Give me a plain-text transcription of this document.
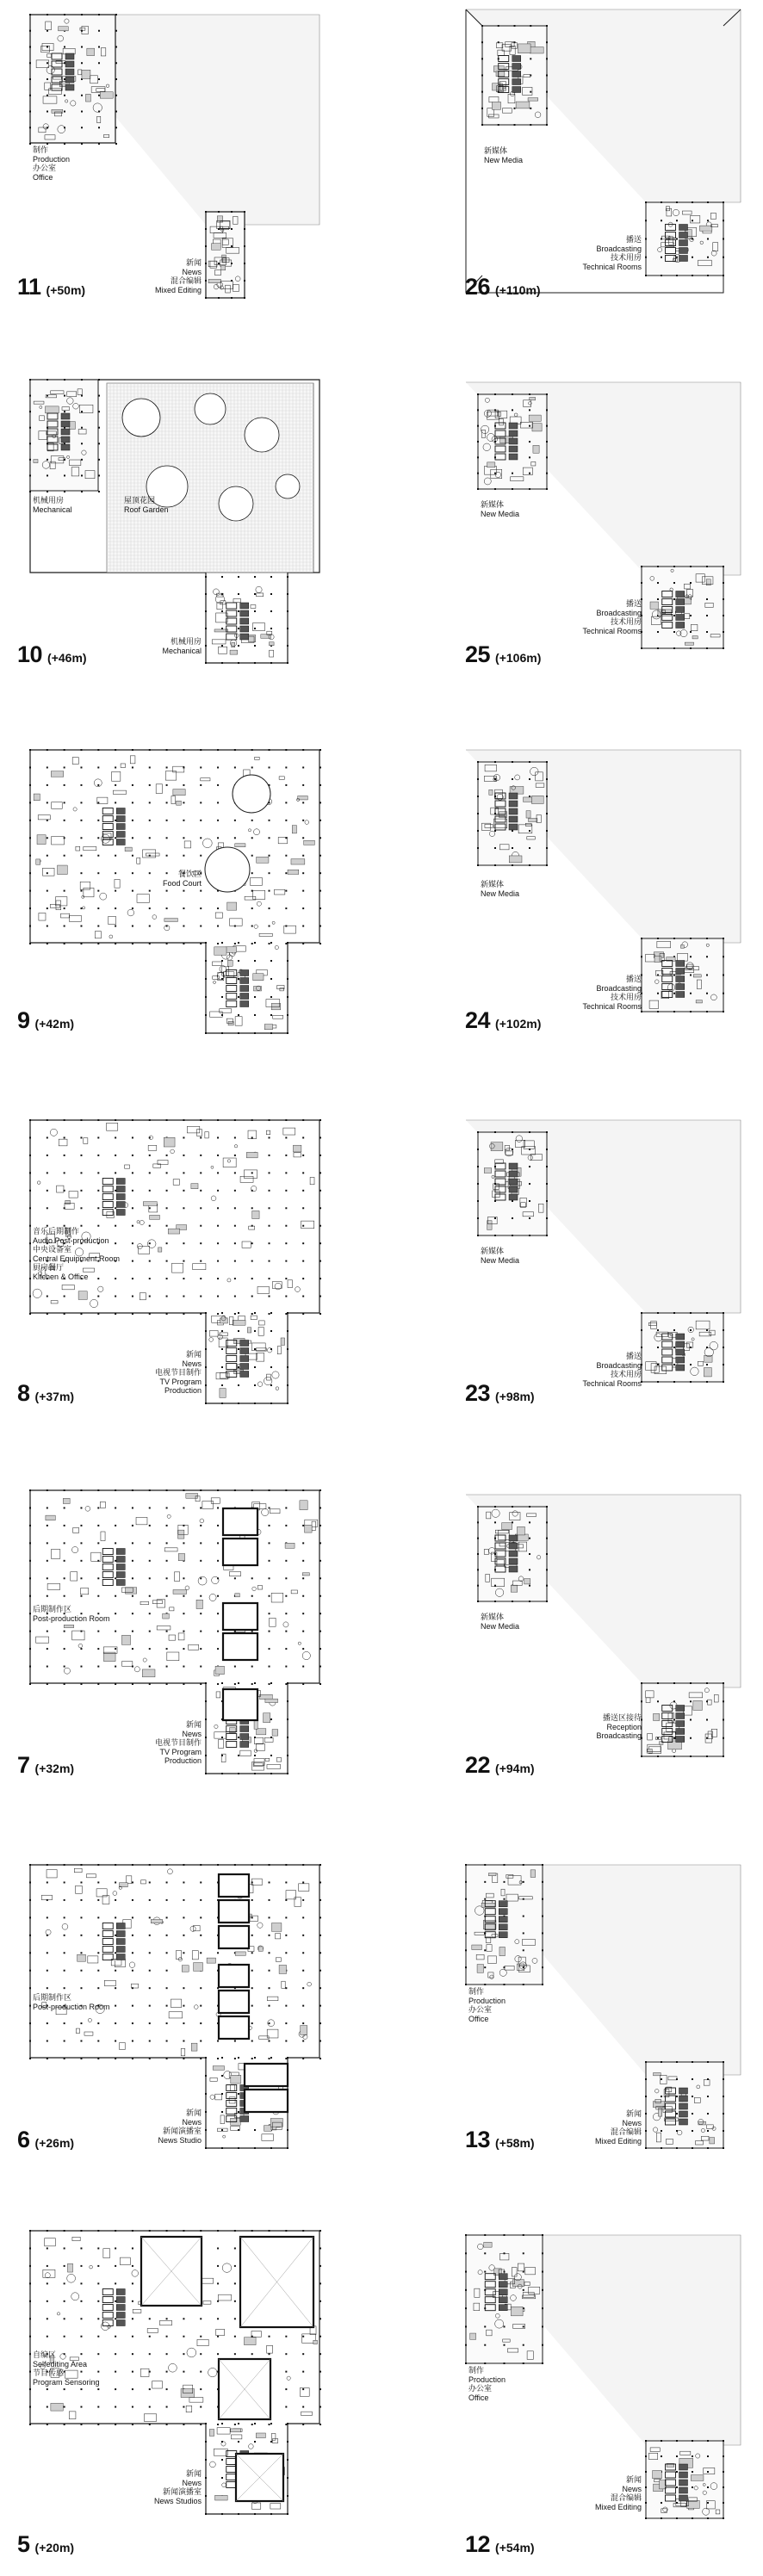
制作
Production
办公室
Office
新闻
News
混合编辑
Mixed Editing
11 (+50m)
机械用房
Mechanical
屋顶花园
Roof Garden
机械用房
Mechanical
10 (+46m)
餐饮区
Food Court
9 (+42m)
音乐后期制作
Audio Post-production
中央设备室
Central Equipment Room
厨房餐厅
Kitchen & Office
新闻
News
电视节目制作
TV Program
Production
8 (+37m)
后期制作区
Post-production Room
新闻
News
电视节目制作
TV Program
Production
7 (+32m)
后期制作区
Post-production Room
新闻
News
新闻演播室
News Studio
6 (+26m)
自编区
Selfediting Area
节目传感
Program Sensoring
新闻
News
新闻演播室
News Studios
5 (+20m)
新媒体
New Media
播送
Broadcasting
技术用房
Technical Rooms
26 (+110m)
新媒体
New Media
播送
Broadcasting
技术用房
Technical Rooms
25 (+106m)
新媒体
New Media
播送
Broadcasting
技术用房
Technical Rooms
24 (+102m)
新媒体
New Media
播送
Broadcasting
技术用房
Technical Rooms
23 (+98m)
新媒体
New Media
播送区接待
Reception
Broadcasting
22 (+94m)
制作
Production
办公室
Office
新闻
News
混合编辑
Mixed Editing
13 (+58m)
制作
Production
办公室
Office
新闻
News
混合编辑
Mixed Editing
12 (+54m)
